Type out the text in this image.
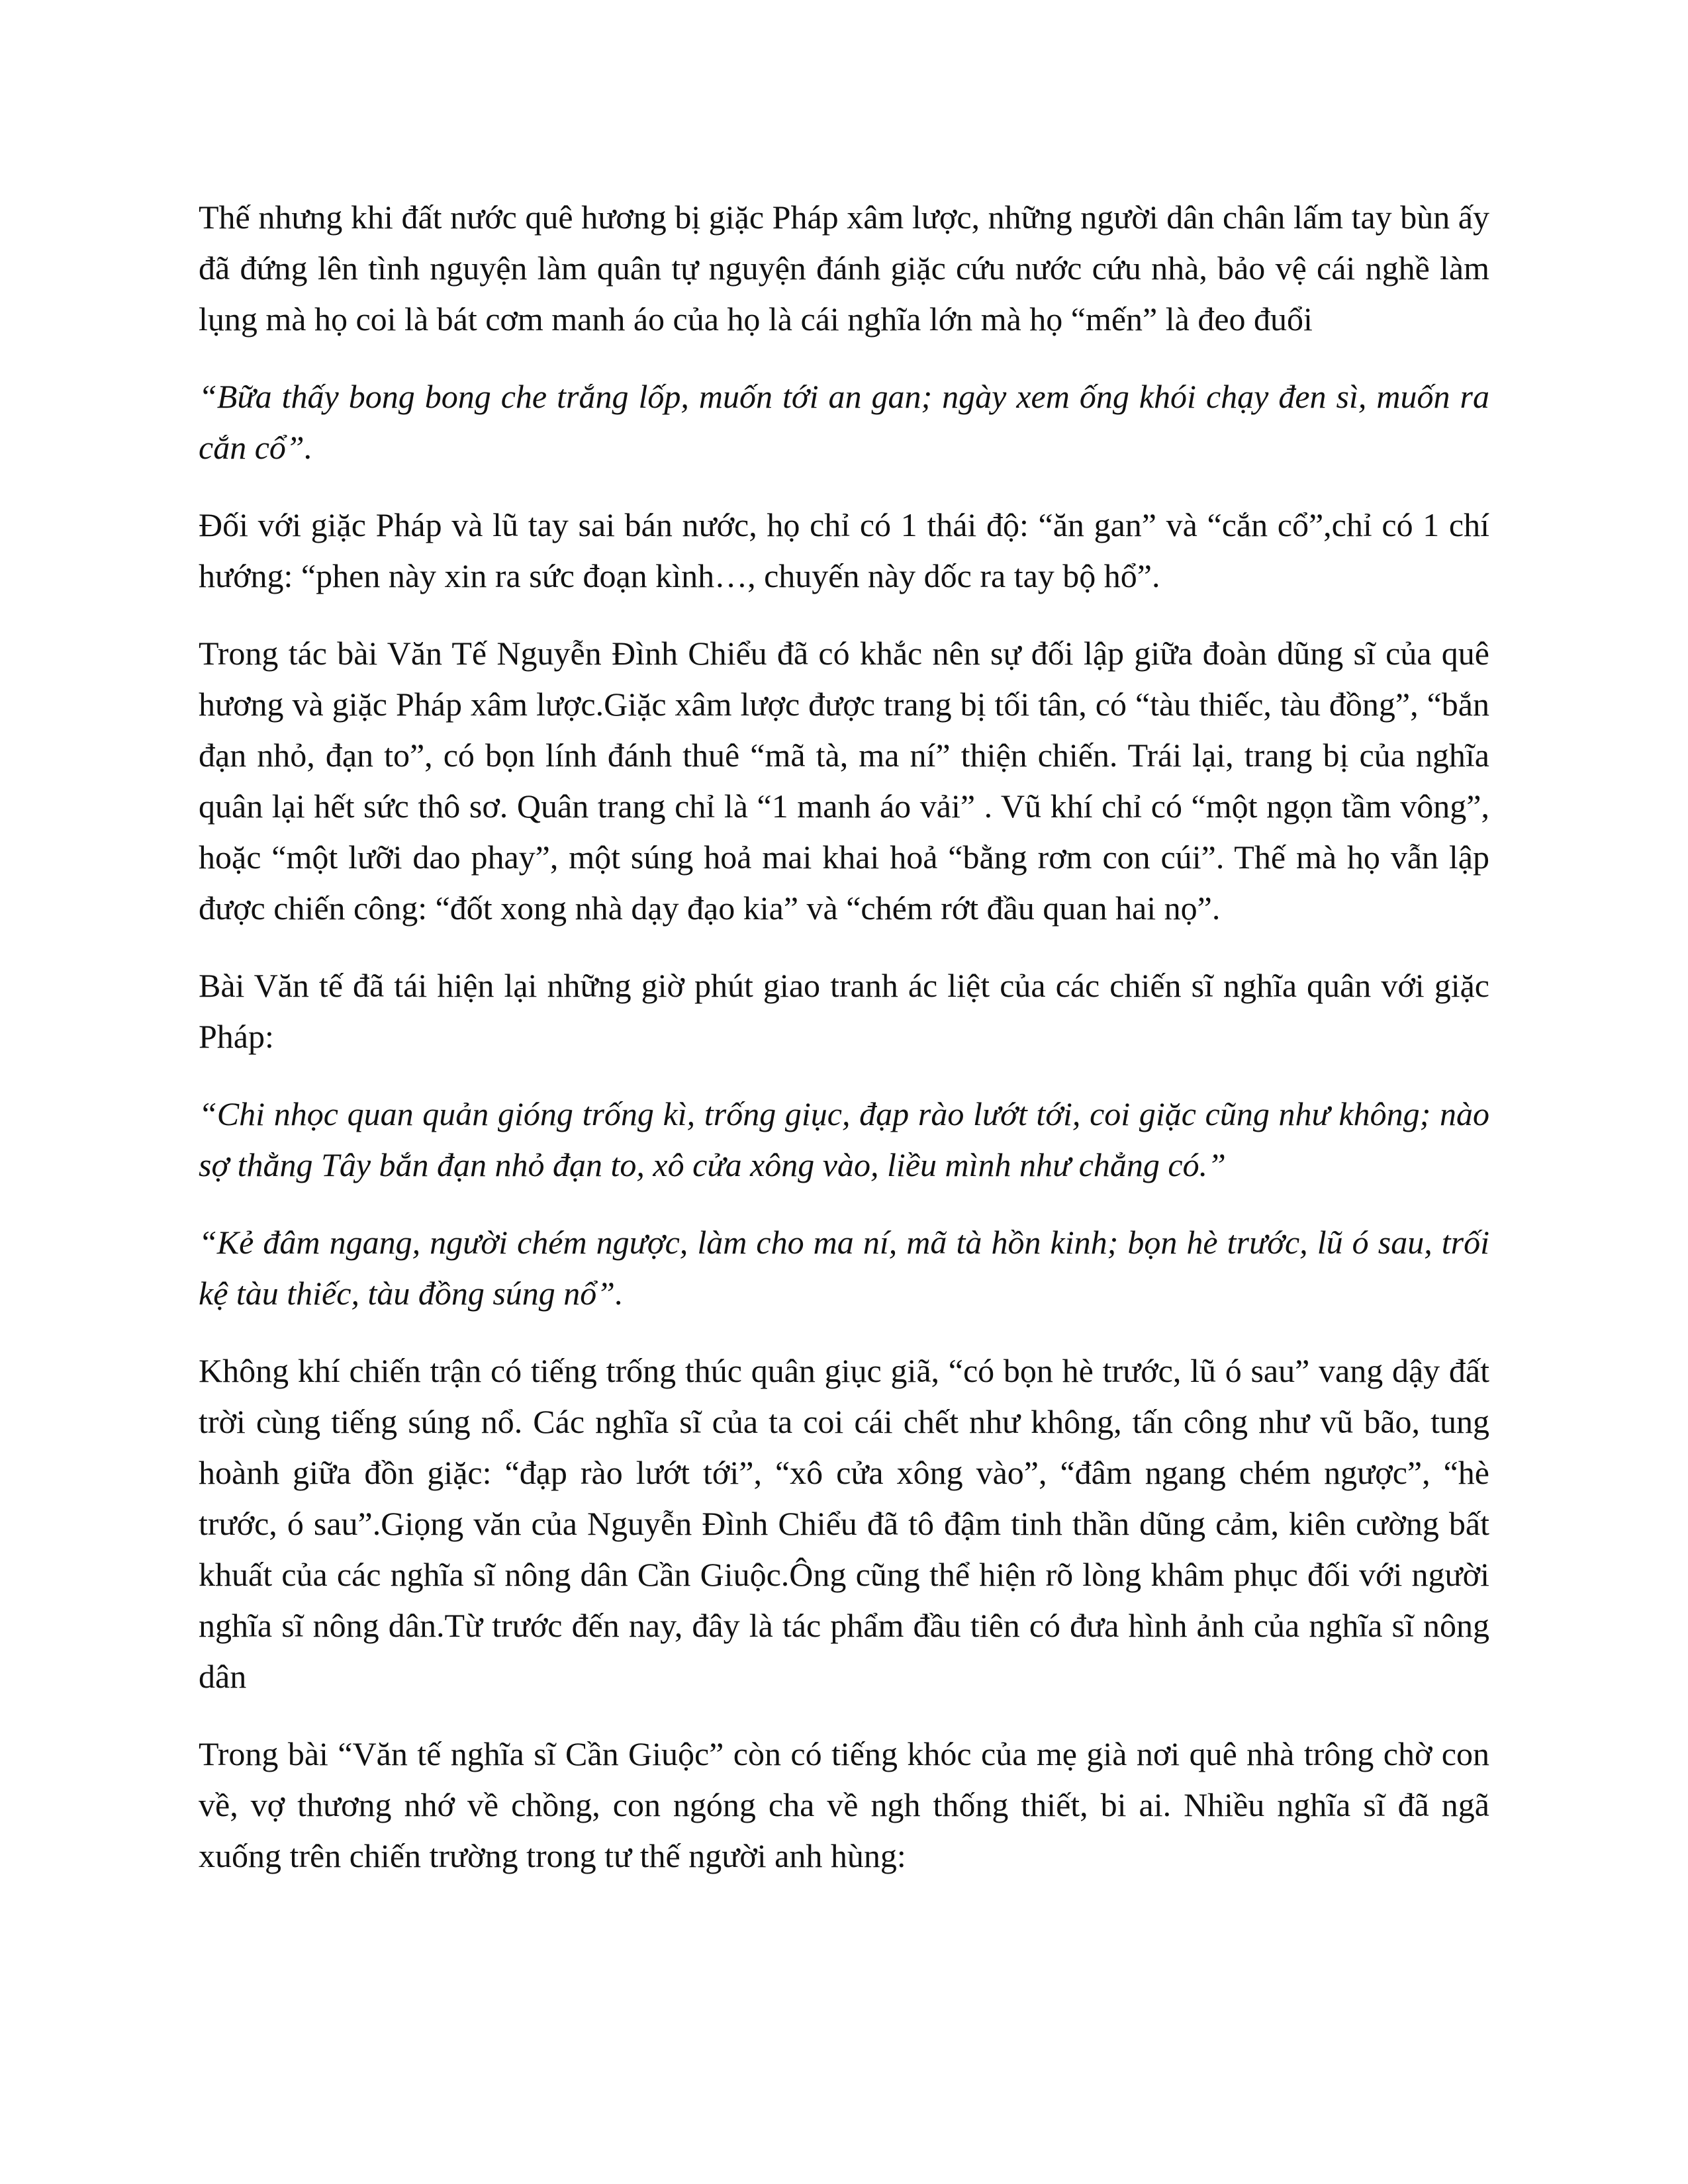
Thế nhưng khi đất nước quê hương bị giặc Pháp xâm lược, những người dân chân lấm tay bùn ấy đã đứng lên tình nguyện làm quân tự nguyện đánh giặc cứu nước cứu nhà, bảo vệ cái nghề làm lụng mà họ coi là bát cơm manh áo của họ là cái nghĩa lớn mà họ “mến” là đeo đuổi

“Bữa thấy bong bong che trắng lốp, muốn tới an gan; ngày xem ống khói chạy đen sì, muốn ra cắn cổ”.

Đối với giặc Pháp và lũ tay sai bán nước, họ chỉ có 1 thái độ: “ăn gan” và “cắn cổ”,chỉ có 1 chí hướng: “phen này xin ra sức đoạn kình…, chuyến này dốc ra tay bộ hổ”.

Trong tác bài Văn Tế Nguyễn Đình Chiểu đã có khắc nên sự đối lập giữa đoàn dũng sĩ của quê hương và giặc Pháp xâm lược.Giặc xâm lược được trang bị tối tân, có “tàu thiếc, tàu đồng”, “bắn đạn nhỏ, đạn to”, có bọn lính đánh thuê “mã tà, ma ní” thiện chiến. Trái lại, trang bị của nghĩa quân lại hết sức thô sơ. Quân trang chỉ là “1 manh áo vải” . Vũ khí chỉ có “một ngọn tầm vông”, hoặc “một lưỡi dao phay”, một súng hoả mai khai hoả “bằng rơm con cúi”. Thế mà họ vẫn lập được chiến công: “đốt xong nhà dạy đạo kia” và “chém rớt đầu quan hai nọ”.

Bài Văn tế đã tái hiện lại những giờ phút giao tranh ác liệt của các chiến sĩ nghĩa quân với giặc Pháp:

“Chi nhọc quan quản gióng trống kì, trống giục, đạp rào lướt tới, coi giặc cũng như không; nào sợ thằng Tây bắn đạn nhỏ đạn to, xô cửa xông vào, liều mình như chẳng có.”

“Kẻ đâm ngang, người chém ngược, làm cho ma ní, mã tà hồn kinh; bọn hè trước, lũ ó sau, trối kệ tàu thiếc, tàu đồng súng nổ”.

Không khí chiến trận có tiếng trống thúc quân giục giã, “có bọn hè trước, lũ ó sau” vang dậy đất trời cùng tiếng súng nổ. Các nghĩa sĩ của ta coi cái chết như không, tấn công như vũ bão, tung hoành giữa đồn giặc: “đạp rào lướt tới”, “xô cửa xông vào”, “đâm ngang chém ngược”, “hè trước, ó sau”.Giọng văn của Nguyễn Đình Chiểu đã tô đậm tinh thần dũng cảm, kiên cường bất khuất của các nghĩa sĩ nông dân Cần Giuộc.Ông cũng thể hiện rõ lòng khâm phục đối với người nghĩa sĩ nông dân.Từ trước đến nay, đây là tác phẩm đầu tiên có đưa hình ảnh của nghĩa sĩ nông dân

Trong bài “Văn tế nghĩa sĩ Cần Giuộc” còn có tiếng khóc của mẹ già nơi quê nhà trông chờ con về, vợ thương nhớ về chồng, con ngóng cha về ngh thống thiết, bi ai. Nhiều nghĩa sĩ đã ngã xuống trên chiến trường trong tư thế người anh hùng:
